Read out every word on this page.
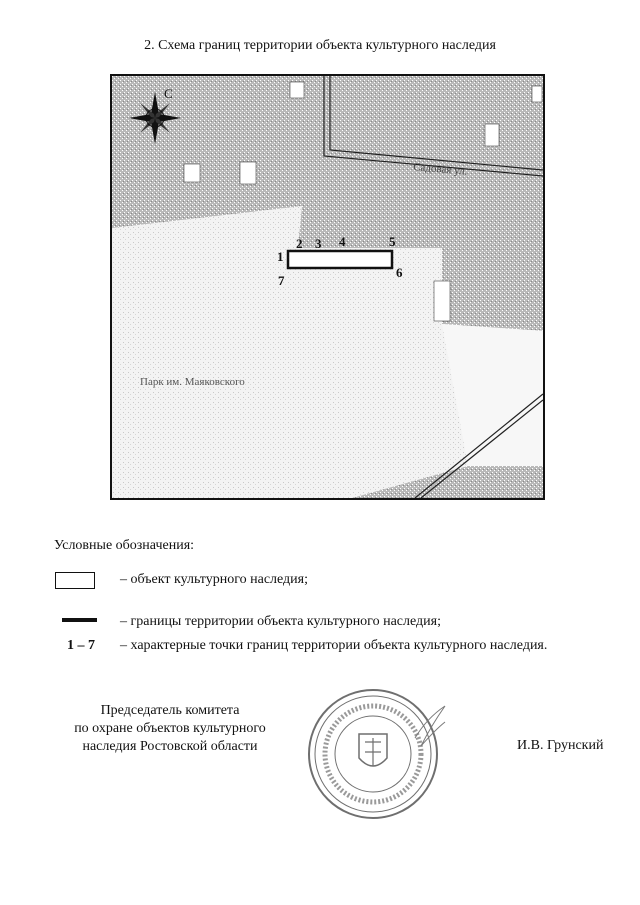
2. Схема границ территории объекта культурного наследия
С
Садовая ул.
Парк им. Маяковского
1
2 3 4	5
6
7
Условные обозначения:
– объект культурного наследия;
– границы территории объекта культурного наследия;
1 – 7 – характерные точки границ территории объекта культурного наследия.
Председатель комитета
по охране объектов культурного
наследия Ростовской области	И.В. Грунский
